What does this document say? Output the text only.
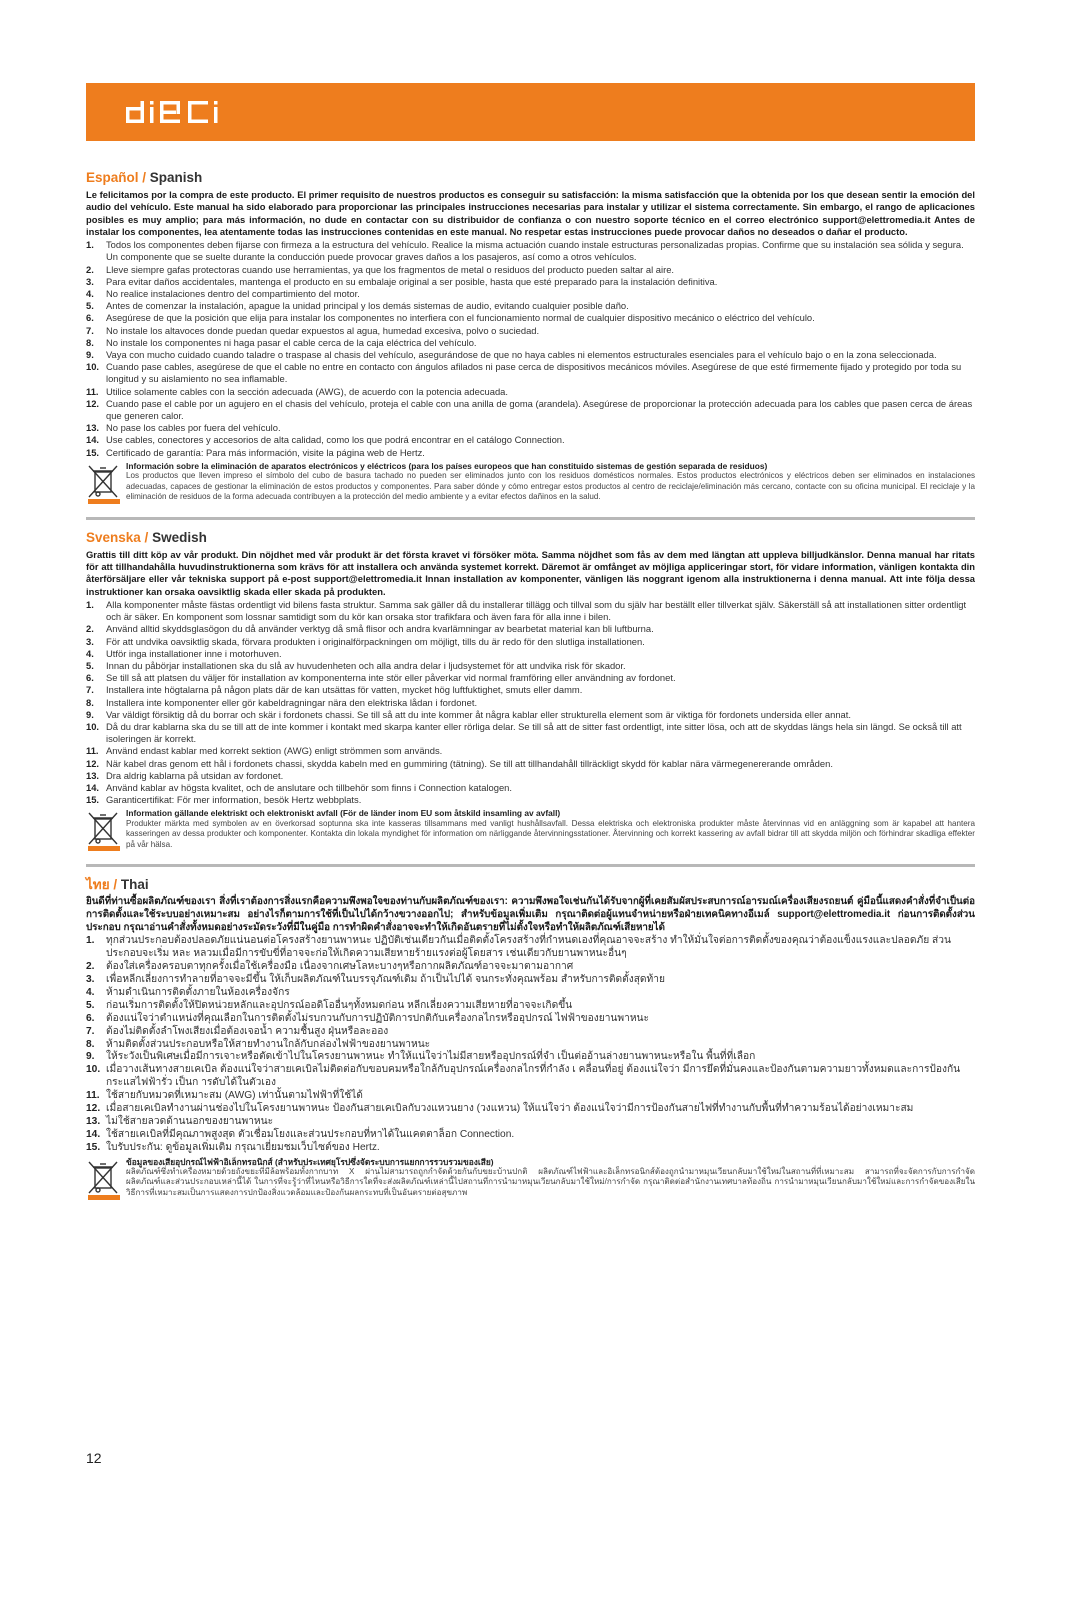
Español / Spanish

Le felicitamos por la compra de este producto. El primer requisito de nuestros productos es conseguir su satisfacción: la misma satisfacción que la obtenida por los que desean sentir la emoción del audio del vehículo. Este manual ha sido elaborado para proporcionar las principales instrucciones necesarias para instalar y utilizar el sistema correctamente. Sin embargo, el rango de aplicaciones posibles es muy amplio; para más información, no dude en contactar con su distribuidor de confianza o con nuestro soporte técnico en el correo electrónico support@elettromedia.it Antes de instalar los componentes, lea atentamente todas las instrucciones contenidas en este manual. No respetar estas instrucciones puede provocar daños no deseados o dañar el producto.

1. Todos los componentes deben fijarse con firmeza a la estructura del vehículo. Realice la misma actuación cuando instale estructuras personalizadas propias. Confirme que su instalación sea sólida y segura. Un componente que se suelte durante la conducción puede provocar graves daños a los pasajeros, así como a otros vehículos.
2. Lleve siempre gafas protectoras cuando use herramientas, ya que los fragmentos de metal o residuos del producto pueden saltar al aire.
3. Para evitar daños accidentales, mantenga el producto en su embalaje original a ser posible, hasta que esté preparado para la instalación definitiva.
4. No realice instalaciones dentro del compartimiento del motor.
5. Antes de comenzar la instalación, apague la unidad principal y los demás sistemas de audio, evitando cualquier posible daño.
6. Asegúrese de que la posición que elija para instalar los componentes no interfiera con el funcionamiento normal de cualquier dispositivo mecánico o eléctrico del vehículo.
7. No instale los altavoces donde puedan quedar expuestos al agua, humedad excesiva, polvo o suciedad.
8. No instale los componentes ni haga pasar el cable cerca de la caja eléctrica del vehículo.
9. Vaya con mucho cuidado cuando taladre o traspase al chasis del vehículo, asegurándose de que no haya cables ni elementos estructurales esenciales para el vehículo bajo o en la zona seleccionada.
10. Cuando pase cables, asegúrese de que el cable no entre en contacto con ángulos afilados ni pase cerca de dispositivos mecánicos móviles. Asegúrese de que esté firmemente fijado y protegido por toda su longitud y su aislamiento no sea inflamable.
11. Utilice solamente cables con la sección adecuada (AWG), de acuerdo con la potencia adecuada.
12. Cuando pase el cable por un agujero en el chasis del vehículo, proteja el cable con una anilla de goma (arandela). Asegúrese de proporcionar la protección adecuada para los cables que pasen cerca de áreas que generen calor.
13. No pase los cables por fuera del vehículo.
14. Use cables, conectores y accesorios de alta calidad, como los que podrá encontrar en el catálogo Connection.
15. Certificado de garantía: Para más información, visite la página web de Hertz.
Información sobre la eliminación de aparatos electrónicos y eléctricos (para los países europeos que han constituido sistemas de gestión separada de residuos)
Los productos que lleven impreso el símbolo del cubo de basura tachado no pueden ser eliminados junto con los residuos domésticos normales. Estos productos electrónicos y eléctricos deben ser eliminados en instalaciones adecuadas, capaces de gestionar la eliminación de estos productos y componentes. Para saber dónde y cómo entregar estos productos al centro de reciclaje/eliminación más cercano, contacte con su oficina municipal. El reciclaje y la eliminación de residuos de la forma adecuada contribuyen a la protección del medio ambiente y a evitar efectos dañinos en la salud.
Svenska / Swedish

Grattis till ditt köp av vår produkt. Din nöjdhet med vår produkt är det första kravet vi försöker möta. Samma nöjdhet som fås av dem med längtan att uppleva billjudkänslor. Denna manual har ritats för att tillhandahålla huvudinstruktionerna som krävs för att installera och använda systemet korrekt. Däremot är omfånget av möjliga appliceringar stort, för vidare information, vänligen kontakta din återförsäljare eller vår tekniska support på e-post support@elettromedia.it Innan installation av komponenter, vänligen läs noggrant igenom alla instruktionerna i denna manual. Att inte följa dessa instruktioner kan orsaka oavsiktlig skada eller skada på produkten.

1. Alla komponenter måste fästas ordentligt vid bilens fasta struktur. Samma sak gäller då du installerar tillägg och tillval som du själv har beställt eller tillverkat själv. Säkerställ så att installationen sitter ordentligt och är säker. En komponent som lossnar samtidigt som du kör kan orsaka stor trafikfara och även fara för alla inne i bilen.
2. Använd alltid skyddsglasögon du då använder verktyg då små flisor och andra kvarlämningar av bearbetat material kan bli luftburna.
3. För att undvika oavsiktlig skada, förvara produkten i originalförpackningen om möjligt, tills du är redo för den slutliga installationen.
4. Utför inga installationer inne i motorhuven.
5. Innan du påbörjar installationen ska du slå av huvudenheten och alla andra delar i ljudsystemet för att undvika risk för skador.
6. Se till så att platsen du väljer för installation av komponenterna inte stör eller påverkar vid normal framföring eller användning av fordonet.
7. Installera inte högtalarna på någon plats där de kan utsättas för vatten, mycket hög luftfuktighet, smuts eller damm.
8. Installera inte komponenter eller gör kabeldragningar nära den elektriska lådan i fordonet.
9. Var väldigt försiktig då du borrar och skär i fordonets chassi. Se till så att du inte kommer åt några kablar eller strukturella element som är viktiga för fordonets undersida eller annat.
10. Då du drar kablarna ska du se till att de inte kommer i kontakt med skarpa kanter eller rörliga delar. Se till så att de sitter fast ordentligt, inte sitter lösa, och att de skyddas längs hela sin längd. Se också till att isoleringen är korrekt.
11. Använd endast kablar med korrekt sektion (AWG) enligt strömmen som används.
12. När kabel dras genom ett hål i fordonets chassi, skydda kabeln med en gummiring (tätning). Se till att tillhandahåll tillräckligt skydd för kablar nära värmegenererande områden.
13. Dra aldrig kablarna på utsidan av fordonet.
14. Använd kablar av högsta kvalitet, och de anslutare och tillbehör som finns i Connection katalogen.
15. Garanticertifikat: För mer information, besök Hertz webbplats.
Information gällande elektriskt och elektroniskt avfall (För de länder inom EU som åtskild insamling av avfall)
Produkter märkta med symbolen av en överkorsad soptunna ska inte kasseras tillsammans med vanligt hushållsavfall. Dessa elektriska och elektroniska produkter måste återvinnas vid en anläggning som är kapabel att hantera kasseringen av dessa produkter och komponenter. Kontakta din lokala myndighet för information om närliggande återvinningsstationer. Återvinning och korrekt kassering av avfall bidrar till att skydda miljön och förhindrar skadliga effekter på vår hälsa.
ไทย / Thai

ยินดีที่ท่านซื้อผลิตภัณฑ์ของเรา สิ่งที่เราต้องการสิ่งแรกคือความพึงพอใจของท่านกับผลิตภัณฑ์ของเรา: ความพึงพอใจเช่นกันได้รับจากผู้ที่เคยสัมผัสประสบการณ์อารมณ์เครื่องเสียงรถยนต์ คู่มือนี้แสดงคำสั่งที่จำเป็นต่อการติดตั้งและใช้ระบบอย่างเหมาะสม อย่างไรก็ตามการใช้ที่เป็นไปได้กว้างขวางออกไป; สำหรับข้อมูลเพิ่มเติม กรุณาติดต่อผู้แทนจำหน่ายหรือฝ่ายเทคนิคทางอีเมล์ support@elettromedia.it ก่อนการติดตั้งส่วนประกอบ กรุณาอ่านคำสั่งทั้งหมดอย่างระมัดระวังที่มีในคู่มือ การทำผิดคำสั่งอาจจะทำให้เกิดอันตรายที่ไม่ตั้งใจหรือทำให้ผลิตภัณฑ์เสียหายได้

1. ทุกส่วนประกอบต้องปลอดภัยแน่นอนต่อโครงสร้างยานพาหนะ ปฏิบัติเช่นเดียวกันเมื่อติดตั้งโครงสร้างที่กำหนดเองที่คุณอาจจะสร้าง ทำให้มั่นใจต่อการติดตั้งของคุณว่าต้องแข็งแรงและปลอดภัย ส่วนประกอบจะเริ่ม หละ หลวมเมื่อมีการขับขี่ที่อาจจะก่อให้เกิดความเสียหายร้ายแรงต่อผู้โดยสาร เช่นเดียวกับยานพาหนะอื่นๆ
2. ต้องใส่เครื่องครอบตาทุกครั้งเมื่อใช้เครื่องมือ เนื่องจากเศษโลหะบางๆหรือกากผลิตภัณฑ์อาจจะมาตามอากาศ
3. เพื่อหลีกเลี่ยงการทำลายที่อาจจะมีขึ้น ให้เก็บผลิตภัณฑ์ในบรรจุภัณฑ์เดิม ถ้าเป็นไปได้ จนกระทั่งคุณพร้อม สำหรับการติดตั้งสุดท้าย
4. ห้ามดำเนินการติดตั้งภายในห้องเครื่องจักร
5. ก่อนเริ่มการติดตั้งให้ปิดหน่วยหลักและอุปกรณ์ออดิโออื่นๆทั้งหมดก่อน หลีกเลี่ยงความเสียหายที่อาจจะเกิดขึ้น
6. ต้องแน่ใจว่าตำแหน่งที่คุณเลือกในการติดตั้งไม่รบกวนกับการปฏิบัติการปกติกับเครื่องกลไกรหรืออุปกรณ์ ไฟฟ้าของยานพาหนะ
7. ต้องไม่ติดตั้งลำโพงเสียงเมื่อต้องเจอน้ำ ความชื้นสูง ฝุ่นหรือละออง
8. ห้ามติดตั้งส่วนประกอบหรือให้สายทำงานใกล้กับกล่องไฟฟ้าของยานพาหนะ
9. ให้ระวังเป็นพิเศษเมื่อมีการเจาะหรือตัดเข้าไปในโครงยานพาหนะ ทำให้แน่ใจว่าไม่มีสายหรืออุปกรณ์ที่จำ เป็นต่ออ้านล่างยานพาหนะหรือใน พื้นที่ที่เลือก
10. เมื่อวางเส้นทางสายเคเบิล ต้องแน่ใจว่าสายเคเบิลไม่ติดต่อกับขอบคมหรือใกล้กับอุปกรณ์เครื่องกลไกรที่กำลัง เ คลื่อนที่อยู่ ต้องแน่ใจว่า มีการยึดที่มั่นคงและป้องกันตามความยาวทั้งหมดและการป้องกันกระแสไฟฟ้ารั่ว เป็นก ารดับได้ในตัวเอง
11. ใช้สายกับหมวดที่เหมาะสม (AWG) เท่านั้นตามไฟฟ้าที่ใช้ได้
12. เมื่อสายเคเบิลทำงานผ่านช่องไปในโครงยานพาหนะ ป้องกันสายเคเบิลกับวงแหวนยาง (วงแหวน) ให้แน่ใจว่า ต้องแน่ใจว่ามีการป้องกันสายไฟที่ทำงานกับพื้นที่ทำความร้อนได้อย่างเหมาะสม
13. ไม่ใช้สายลวดด้านนอกของยานพาหนะ
14. ใช้สายเคเบิลที่มีคุณภาพสูงสุด ตัวเชื่อมโยงและส่วนประกอบที่หาได้ในแคตตาล็อก Connection.
15. ใบรับประกัน: ดูข้อมูลเพิ่มเติม กรุณาเยี่ยมชมเว็บไซต์ของ Hertz.
ข้อมูลของเสียอุปกรณ์ไฟฟ้าอิเล็กทรอนิกส์ (สำหรับประเทศยุโรปซึ่งจัดระบบการแยกการรวบรวมของเสีย)
ผลิตภัณฑ์ซึ่งทำเครื่องหมายด้วยถังขยะที่มีล้อพร้อมทั้งกากบาท X ผ่านไม่สามารถถูกกำจัดด้วยกันกับขยะบ้านปกติ ผลิตภัณฑ์ไฟฟ้าและอิเล็กทรอนิกส์ต้องถูกนำมาหมุนเวียนกลับมาใช้ใหม่ในสถานที่ที่เหมาะสม สามารถที่จะจัดการกับการกำจัดผลิตภัณฑ์และส่วนประกอบเหล่านี้ได้ ในการที่จะรู้ว่าที่ไหนหรือวิธีการใดที่จะส่งผลิตภัณฑ์เหล่านี้ไปสถานที่การนำมาหมุนเวียนกลับมาใช้ใหม่/การกำจัด กรุณาติดต่อสำนักงานเทศบาลท้องถิ่น การนำมาหมุนเวียนกลับมาใช้ใหม่และการกำจัดของเสียในวิธีการที่เหมาะสมเป็นการแสดงการปกป้องสิ่งแวดล้อมและป้องกันผลกระทบที่เป็นอันตรายต่อสุขภาพ
12
